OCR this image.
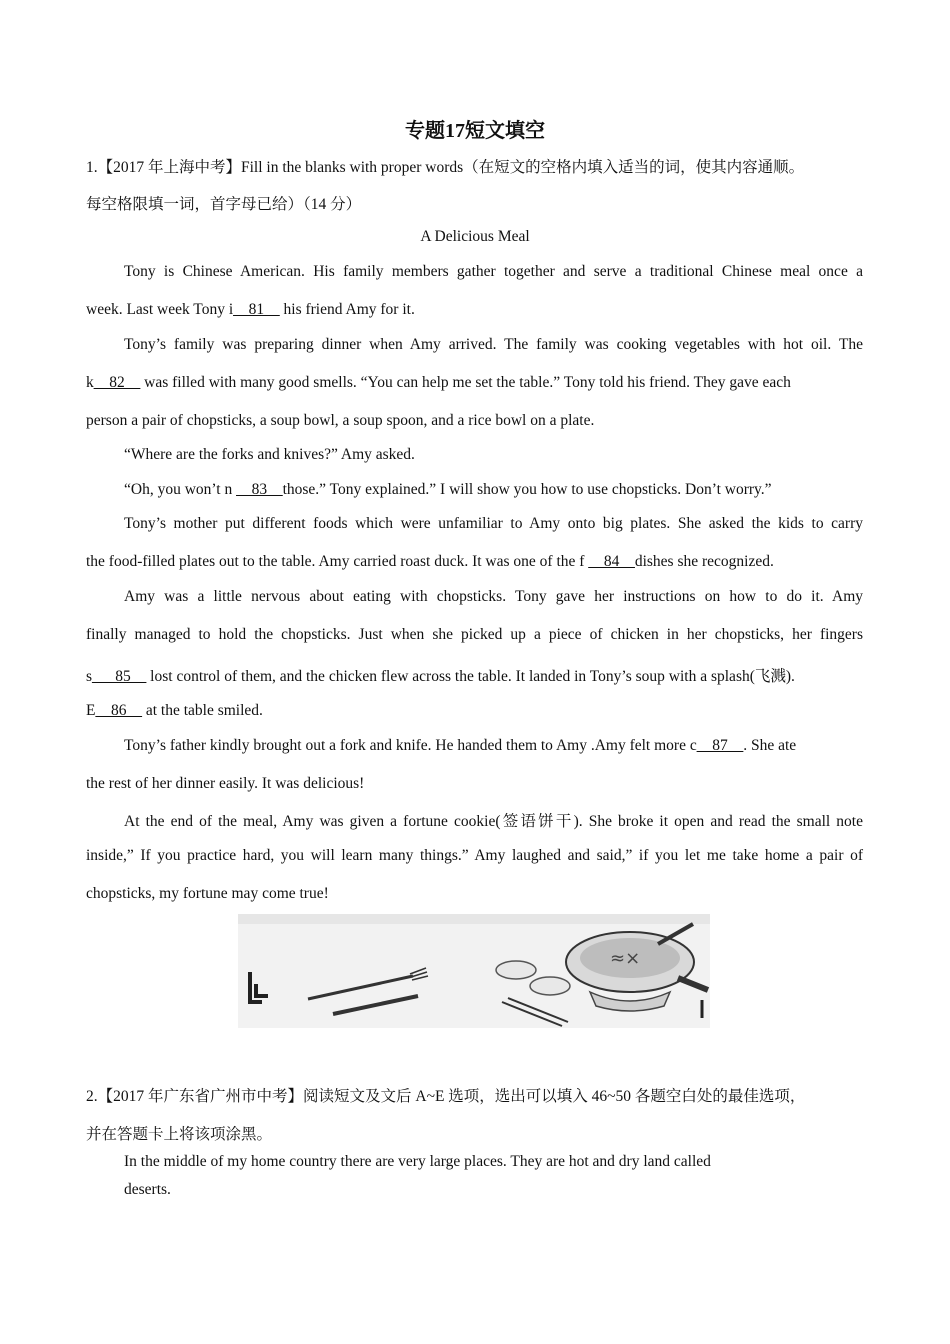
专题17短文填空
1.【2017 年上海中考】Fill in the blanks with proper words（在短文的空格内填入适当的词，使其内容通顺。
每空格限填一词，首字母已给）（14 分）
A Delicious Meal
Tony is Chinese American. His family members gather together and serve a traditional Chinese meal once a
week. Last week Tony i__81__ his friend Amy for it.
Tony’s family was preparing dinner when Amy arrived. The family was cooking vegetables with hot oil. The
k__82__ was filled with many good smells. “You can help me set the table.” Tony told his friend. They gave each
person a pair of chopsticks, a soup bowl, a soup spoon, and a rice bowl on a plate.
“Where are the forks and knives?” Amy asked.
“Oh, you won’t n __83__those.” Tony explained.” I will show you how to use chopsticks. Don’t worry.”
Tony’s mother put different foods which were unfamiliar to Amy onto big plates. She asked the kids to carry
the food-filled plates out to the table. Amy carried roast duck. It was one of the f __84__dishes she recognized.
Amy was a little nervous about eating with chopsticks. Tony gave her instructions on how to do it. Amy
finally managed to hold the chopsticks. Just when she picked up a piece of chicken in her chopsticks, her fingers
s___85__ lost control of them, and the chicken flew across the table. It landed in Tony’s soup with a splash(飞溅).
E__86__ at the table smiled.
Tony’s father kindly brought out a fork and knife. He handed them to Amy .Amy felt more c__87__. She ate
the rest of her dinner easily. It was delicious!
At the end of the meal, Amy was given a fortune cookie(签语饼干). She broke it open and read the small note
inside,” If you practice hard, you will learn many things.” Amy laughed and said,” if you let me take home a pair of
chopsticks, my fortune may come true!
≈×
2.【2017 年广东省广州市中考】阅读短文及文后 A~E 选项，选出可以填入 46~50 各题空白处的最佳选项，
并在答题卡上将该项涂黑。
In the middle of my home country there are very large places. They are hot and dry land called
deserts.
